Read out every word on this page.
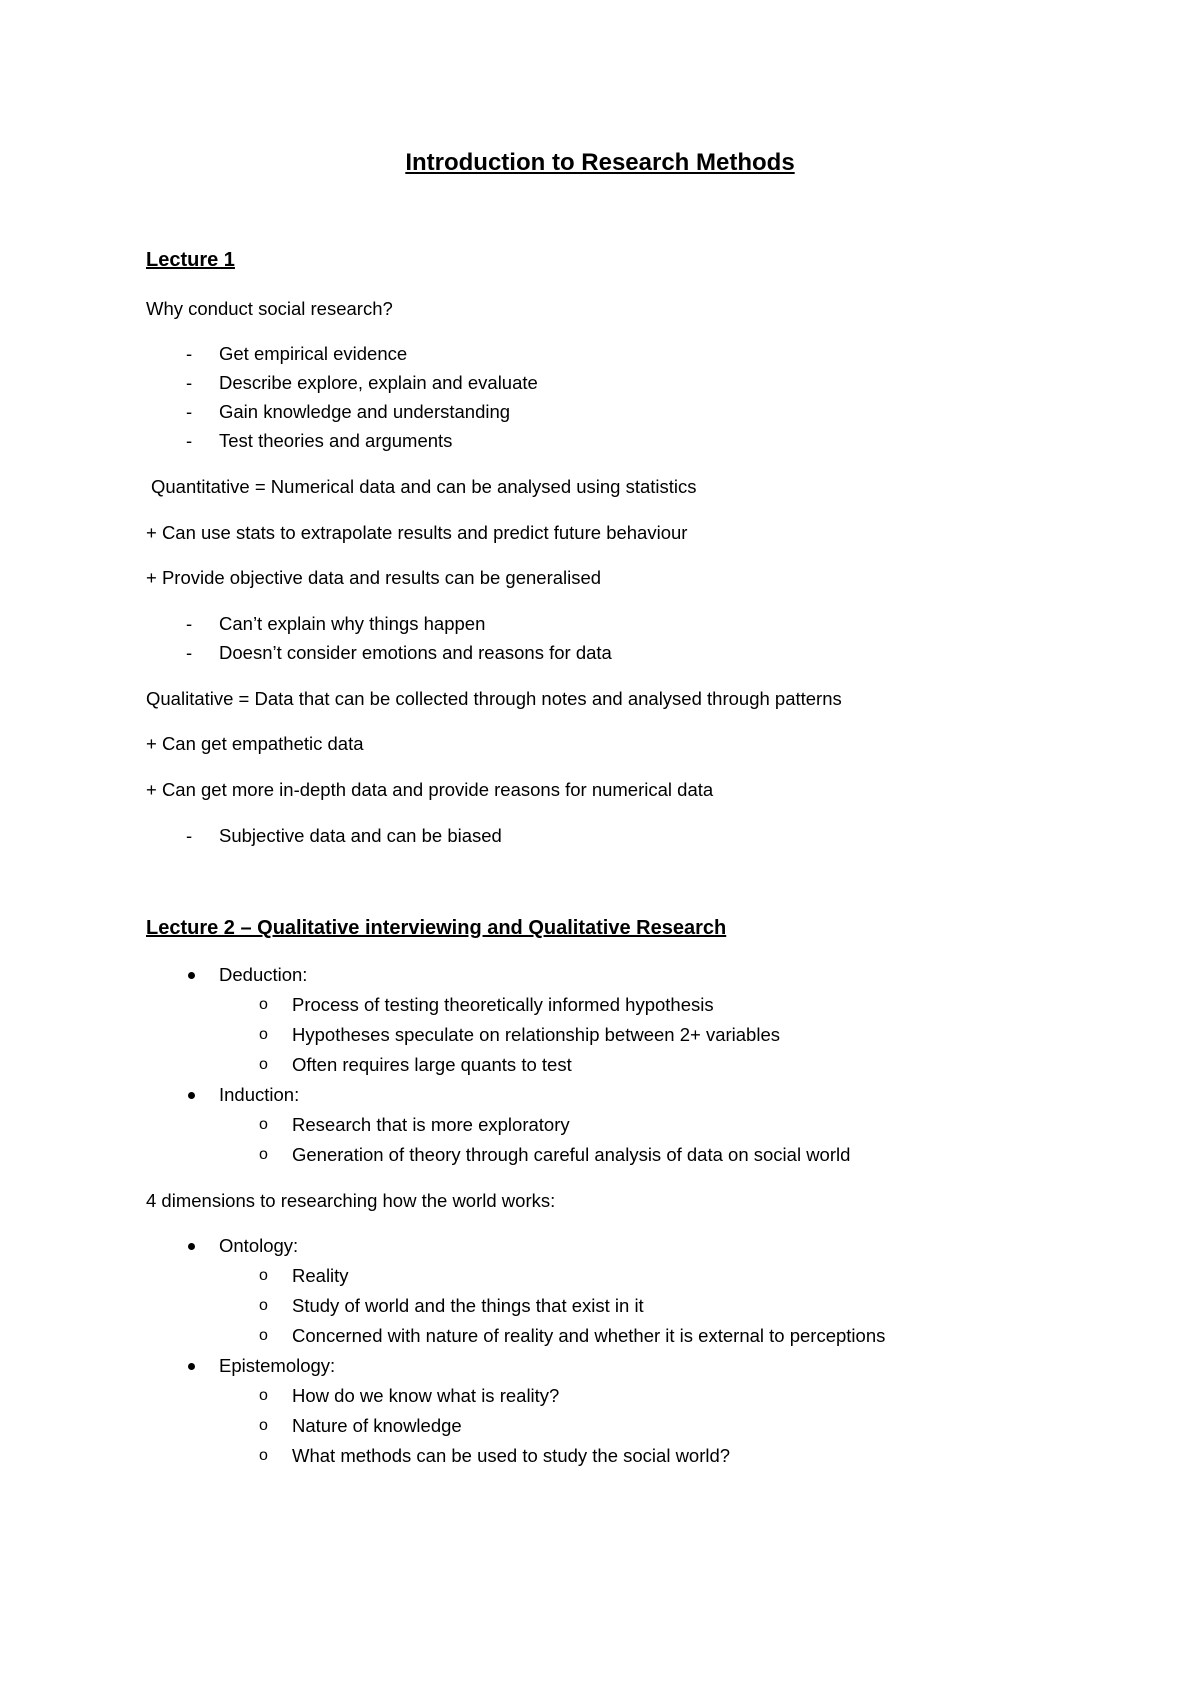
Introduction to Research Methods
Lecture 1
Why conduct social research?
- Get empirical evidence
- Describe explore, explain and evaluate
- Gain knowledge and understanding
- Test theories and arguments
Quantitative = Numerical data and can be analysed using statistics
+ Can use stats to extrapolate results and predict future behaviour
+ Provide objective data and results can be generalised
- Can’t explain why things happen
- Doesn’t consider emotions and reasons for data
Qualitative = Data that can be collected through notes and analysed through patterns
+ Can get empathetic data
+ Can get more in-depth data and provide reasons for numerical data
- Subjective data and can be biased
Lecture 2 – Qualitative interviewing and Qualitative Research
Deduction:
o Process of testing theoretically informed hypothesis
o Hypotheses speculate on relationship between 2+ variables
o Often requires large quants to test
Induction:
o Research that is more exploratory
o Generation of theory through careful analysis of data on social world
4 dimensions to researching how the world works:
Ontology:
o Reality
o Study of world and the things that exist in it
o Concerned with nature of reality and whether it is external to perceptions
Epistemology:
o How do we know what is reality?
o Nature of knowledge
o What methods can be used to study the social world?
